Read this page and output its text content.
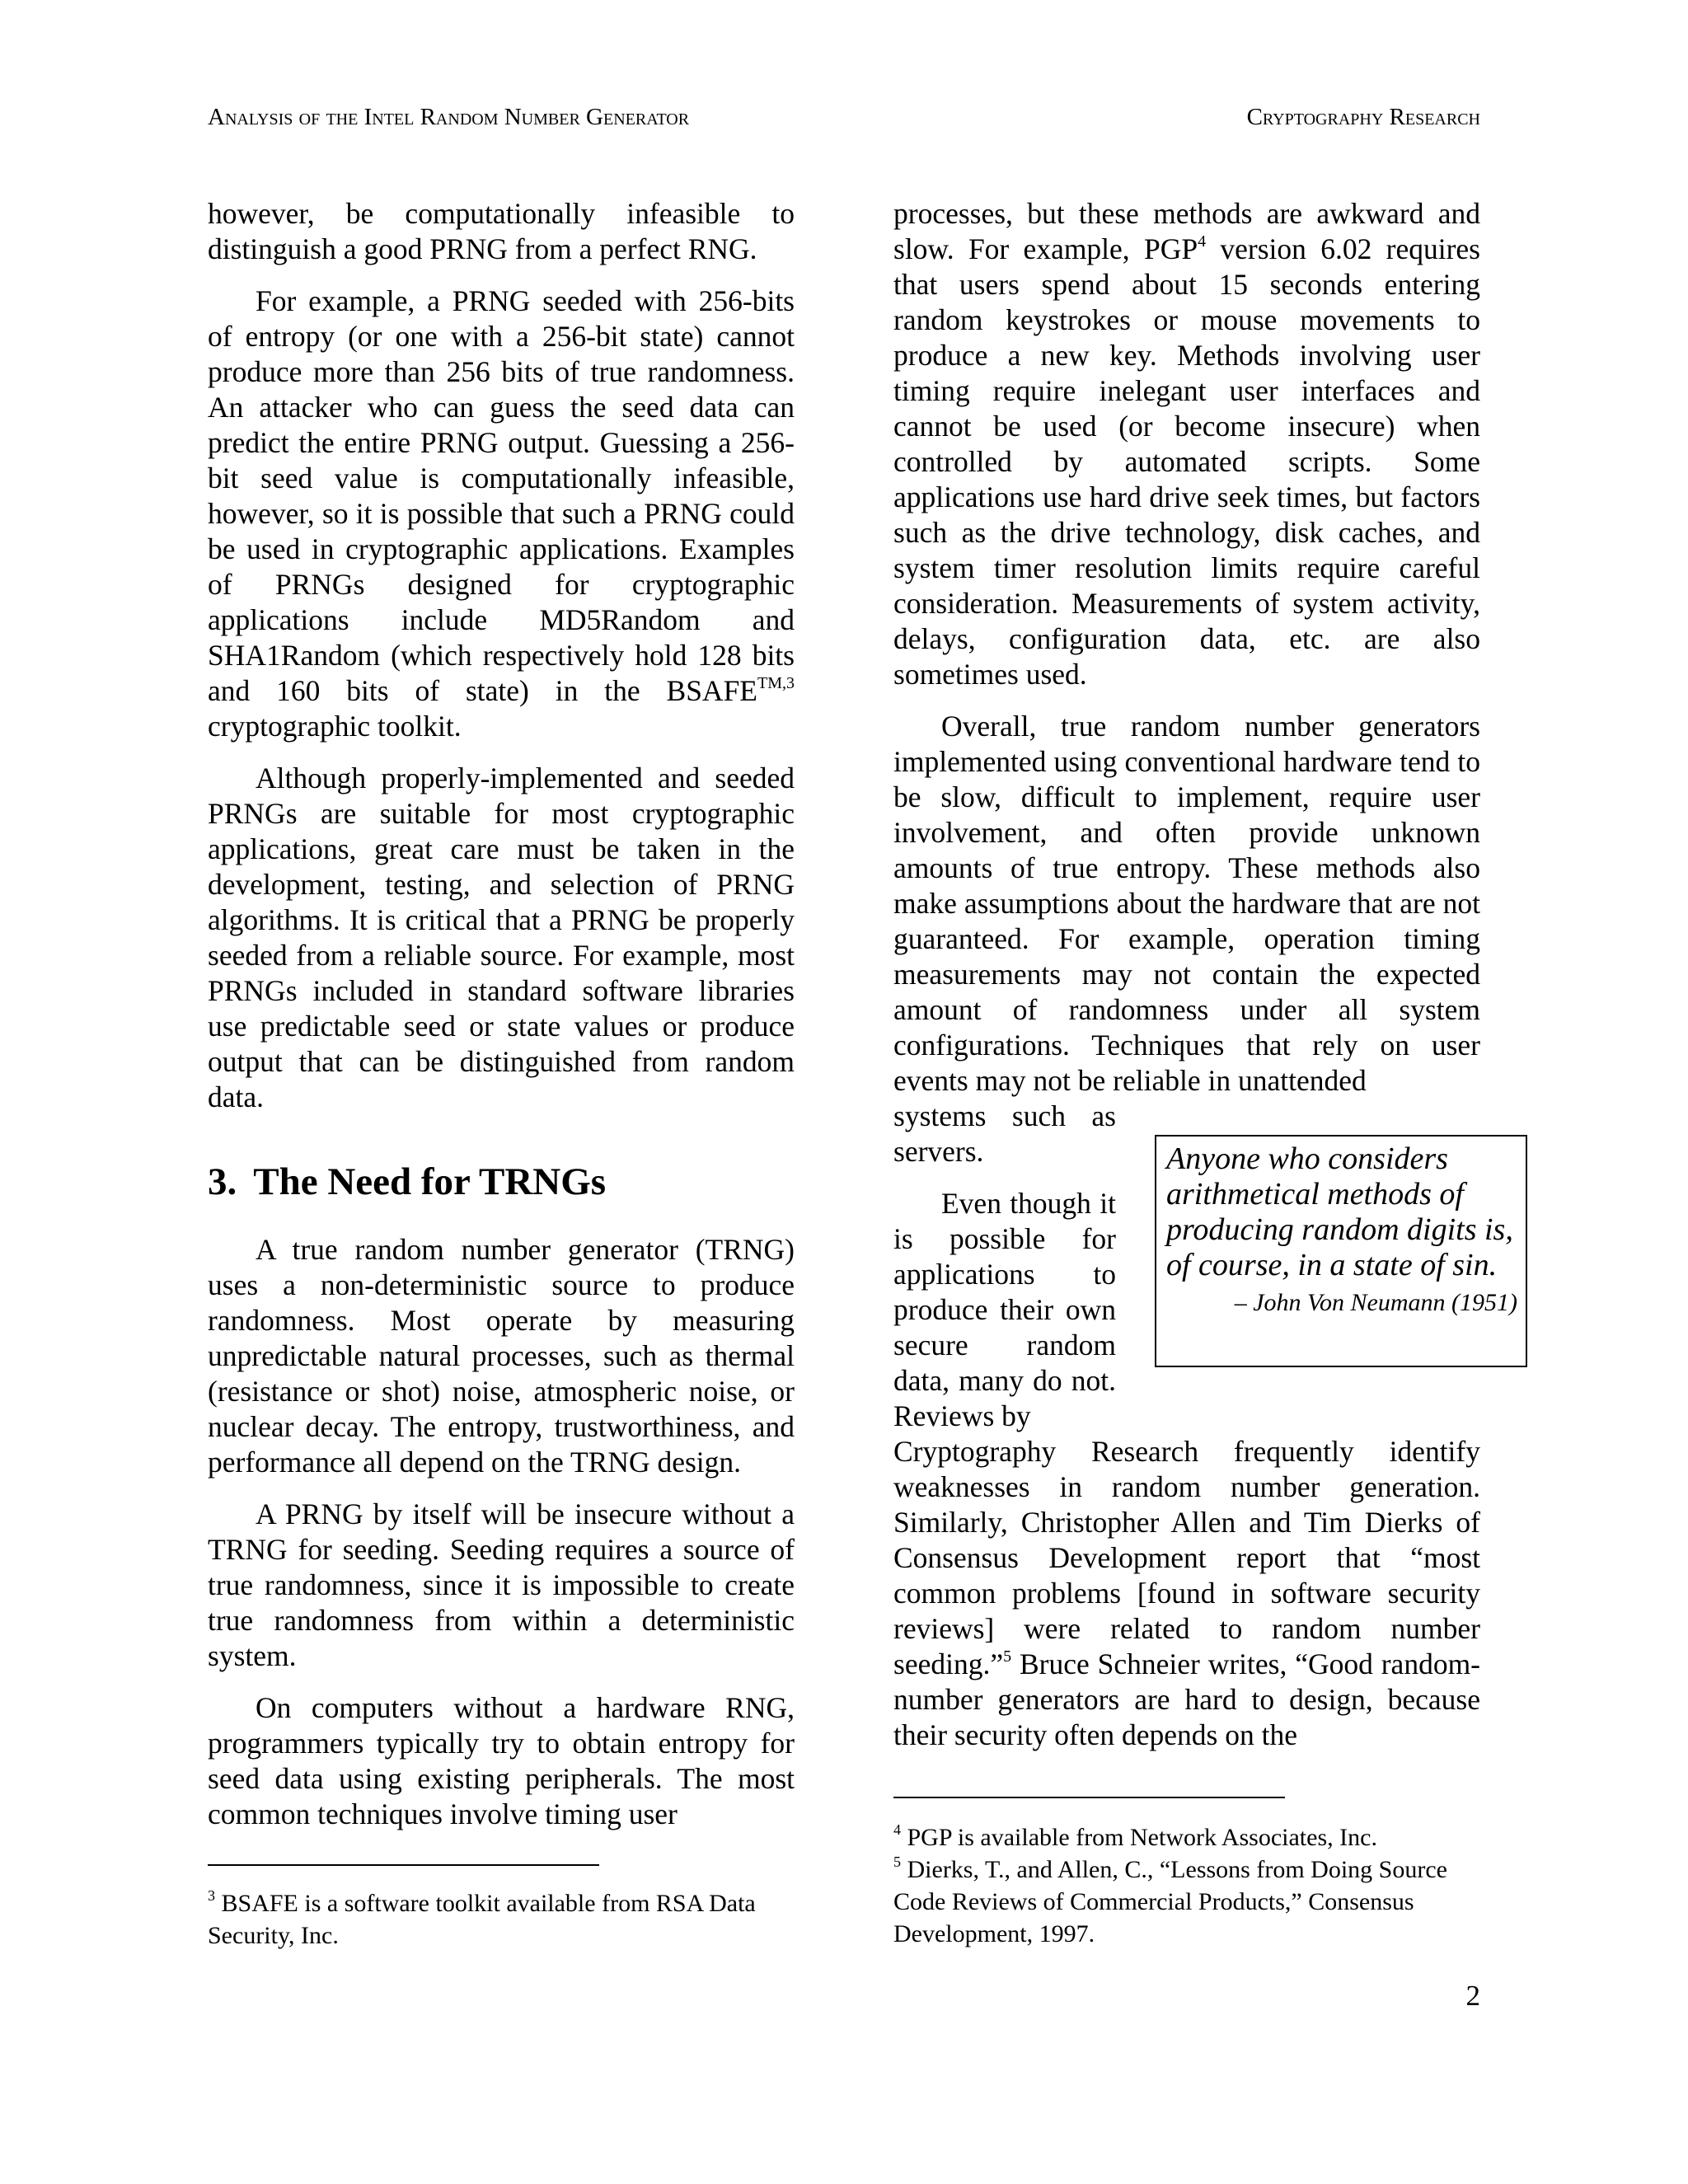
Analysis of the Intel Random Number Generator	Cryptography Research

however, be computationally infeasible to distinguish a good PRNG from a perfect RNG.

For example, a PRNG seeded with 256-bits of entropy (or one with a 256-bit state) cannot produce more than 256 bits of true randomness. An attacker who can guess the seed data can predict the entire PRNG output. Guessing a 256-bit seed value is computationally infeasible, however, so it is possible that such a PRNG could be used in cryptographic applications. Examples of PRNGs designed for cryptographic applications include MD5Random and SHA1Random (which respectively hold 128 bits and 160 bits of state) in the $BSAFE^{TM,3}$ cryptographic toolkit.

Although properly-implemented and seeded PRNGs are suitable for most cryptographic applications, great care must be taken in the development, testing, and selection of PRNG algorithms. It is critical that a PRNG be properly seeded from a reliable source. For example, most PRNGs included in standard software libraries use predictable seed or state values or produce output that can be distinguished from random data.

3. The Need for TRNGs

A true random number generator (TRNG) uses a non-deterministic source to produce randomness. Most operate by measuring unpredictable natural processes, such as thermal (resistance or shot) noise, atmospheric noise, or nuclear decay. The entropy, trustworthiness, and performance all depend on the TRNG design.

A PRNG by itself will be insecure without a TRNG for seeding. Seeding requires a source of true randomness, since it is impossible to create true randomness from within a deterministic system.

On computers without a hardware RNG, programmers typically try to obtain entropy for seed data using existing peripherals. The most common techniques involve timing user

processes, but these methods are awkward and slow. For example, PGP$^4$ version 6.02 requires that users spend about 15 seconds entering random keystrokes or mouse movements to produce a new key. Methods involving user timing require inelegant user interfaces and cannot be used (or become insecure) when controlled by automated scripts. Some applications use hard drive seek times, but factors such as the drive technology, disk caches, and system timer resolution limits require careful consideration. Measurements of system activity, delays, configuration data, etc. are also sometimes used.

Overall, true random number generators implemented using conventional hardware tend to be slow, difficult to implement, require user involvement, and often provide unknown amounts of true entropy. These methods also make assumptions about the hardware that are not guaranteed. For example, operation timing measurements may not contain the expected amount of randomness under all system configurations. Techniques that rely on user events may not be reliable in unattended

systems such as servers.

Even though it is possible for applications to produce their own secure random data, many do not. Reviews by

Cryptography Research frequently identify weaknesses in random number generation. Similarly, Christopher Allen and Tim Dierks of Consensus Development report that “most common problems [found in software security reviews] were related to random number seeding.”$^5$ Bruce Schneier writes, “Good random-number generators are hard to design, because their security often depends on the

Anyone who considers arithmetical methods of producing random digits is, of course, in a state of sin.

– John Von Neumann (1951)

$^3$ BSAFE is a software toolkit available from RSA Data Security, Inc.

$^4$ PGP is available from Network Associates, Inc.

$^5$ Dierks, T., and Allen, C., “Lessons from Doing Source Code Reviews of Commercial Products,” Consensus Development, 1997.

2
